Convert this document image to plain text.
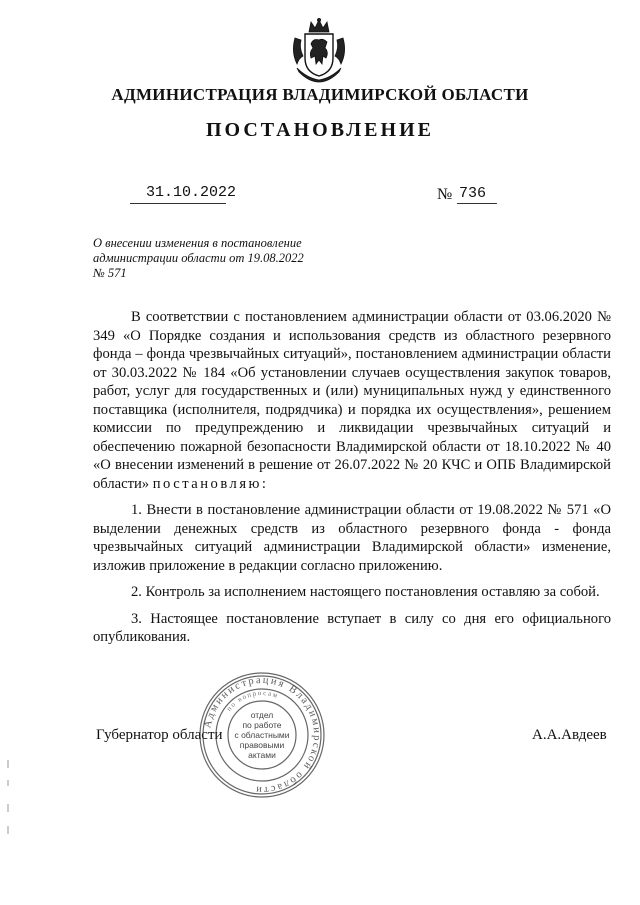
АДМИНИСТРАЦИЯ ВЛАДИМИРСКОЙ ОБЛАСТИ
ПОСТАНОВЛЕНИЕ
31.10.2022	№ 736
О внесении изменения в постановление
администрации области от 19.08.2022
№ 571

В соответствии с постановлением администрации области от 03.06.2020 № 349 «О Порядке создания и использования средств из областного резервного фонда – фонда чрезвычайных ситуаций», постановлением администрации области от 30.03.2022 № 184 «Об установлении случаев осуществления закупок товаров, работ, услуг для государственных и (или) муниципальных нужд у единственного поставщика (исполнителя, подрядчика) и порядка их осуществления», решением комиссии по предупреждению и ликвидации чрезвычайных ситуаций и обеспечению пожарной безопасности Владимирской области от 18.10.2022 № 40 «О внесении изменений в решение от 26.07.2022 № 20 КЧС и ОПБ Владимирской области» постановляю:

1. Внести в постановление администрации области от 19.08.2022 № 571 «О выделении денежных средств из областного резервного фонда - фонда чрезвычайных ситуаций администрации Владимирской области» изменение, изложив приложение в редакции согласно приложению.

2. Контроль за исполнением настоящего постановления оставляю за собой.

3. Настоящее постановление вступает в силу со дня его официального опубликования.

Губернатор области	А.А.Авдеев
Администрация Владимирской области
по вопросам
отдел
по работе
с областными
правовыми
актами
